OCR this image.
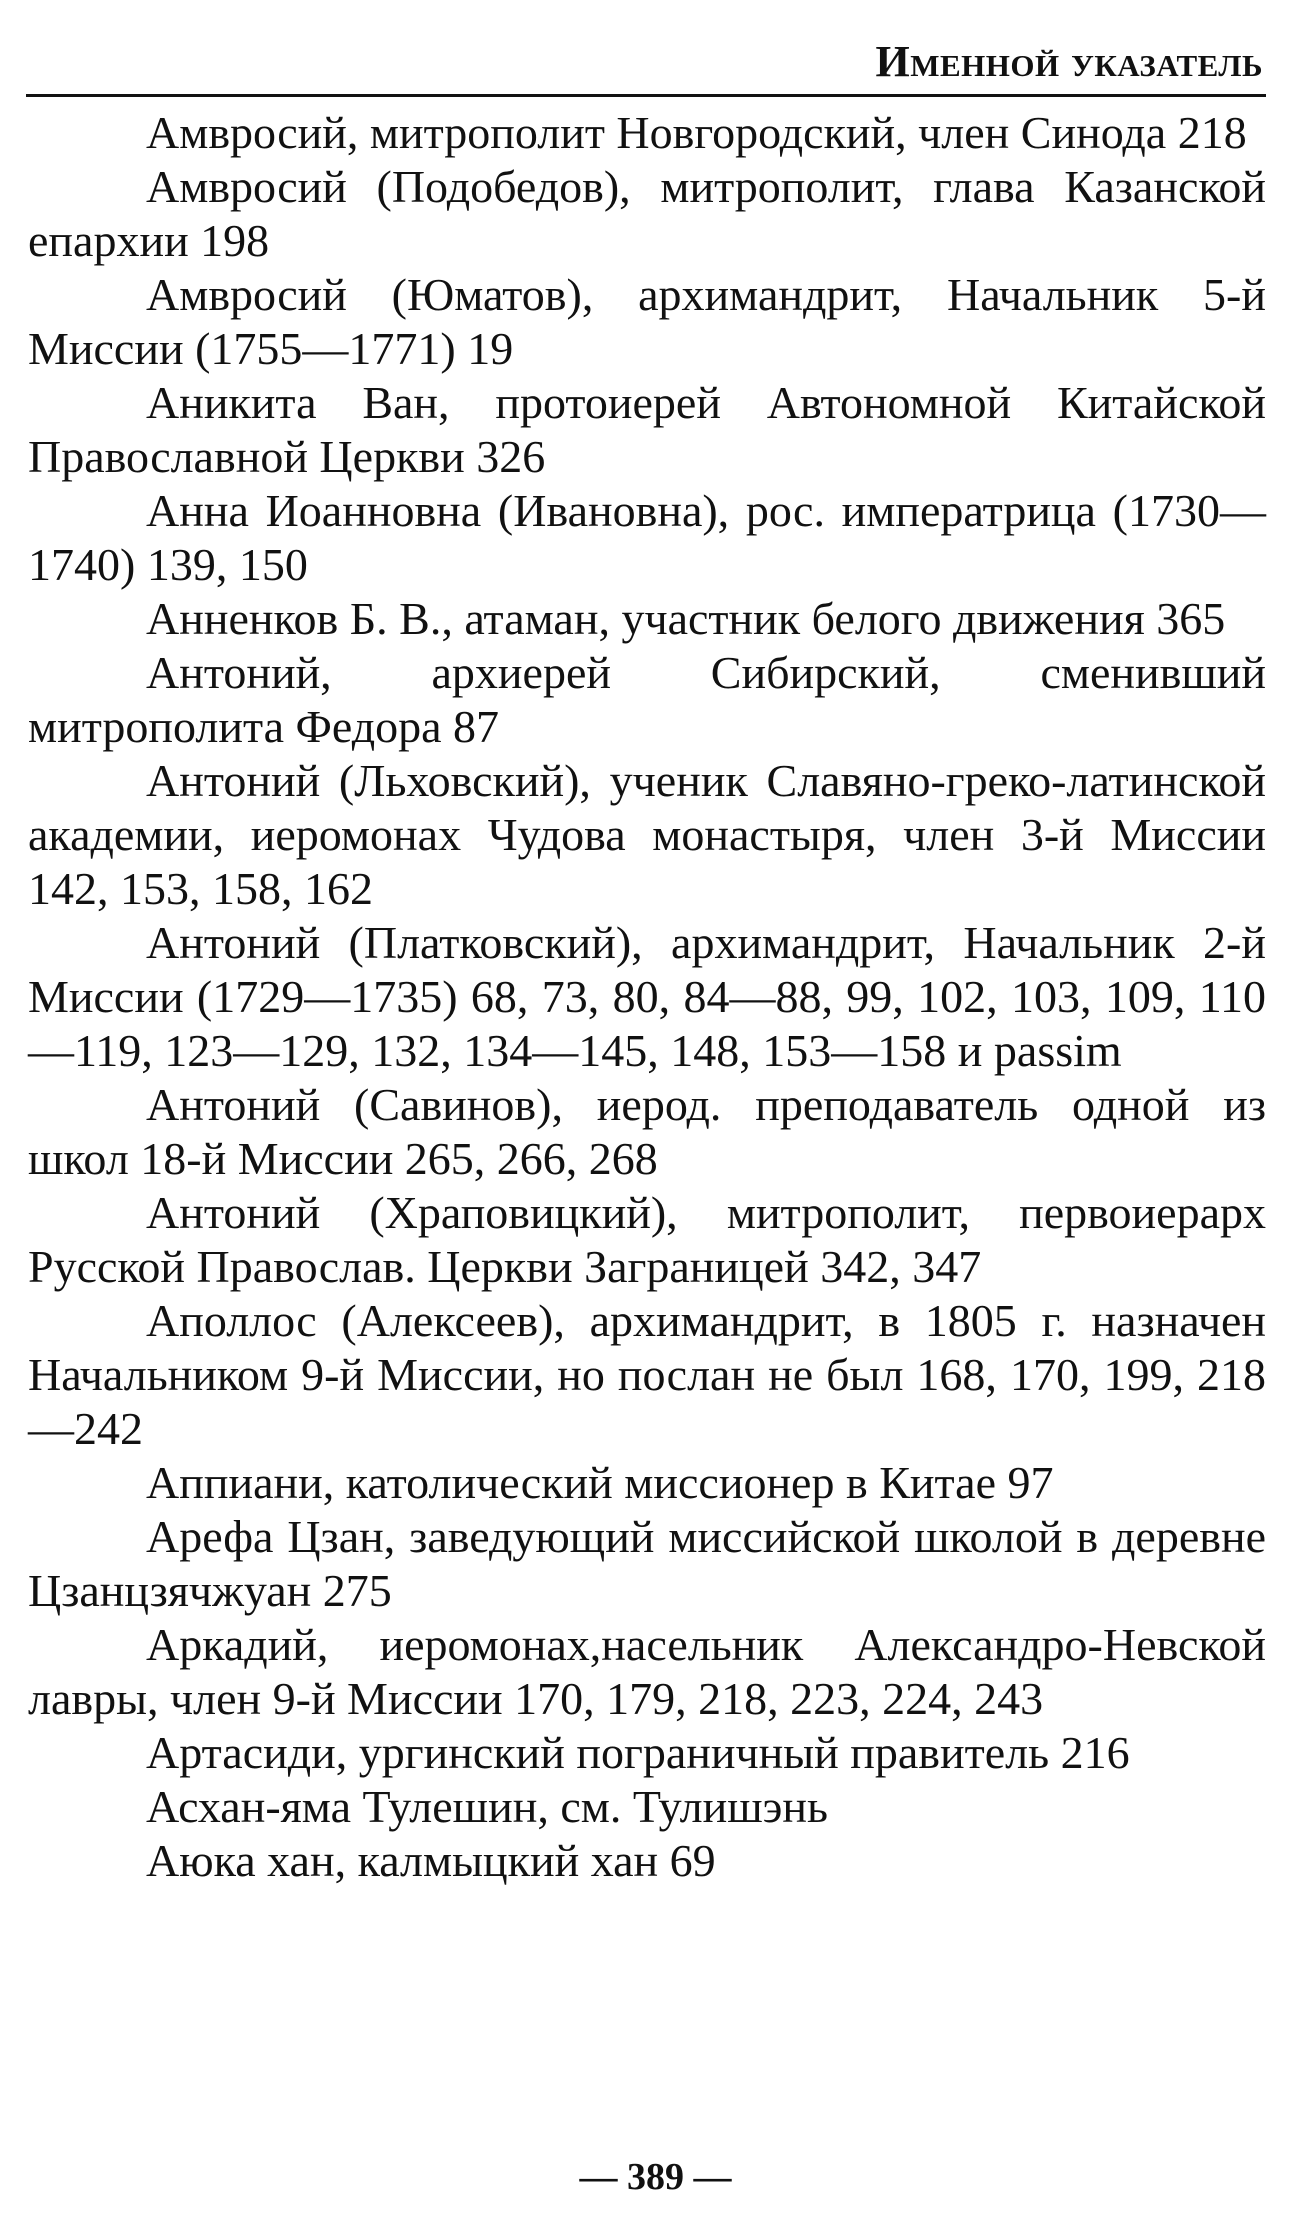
Именной указатель
Амвросий, митрополит Новгородский, член Синода 218
Амвросий (Подобедов), митрополит, глава Казанской епархии 198
Амвросий (Юматов), архимандрит, Начальник 5-й Миссии (1755—1771) 19
Аникита Ван, протоиерей Автономной Китайской Православной Церкви 326
Анна Иоанновна (Ивановна), рос. императрица (1730—1740) 139, 150
Анненков Б. В., атаман, участник белого движения 365
Антоний, архиерей Сибирский, сменивший митрополита Федора 87
Антоний (Льховский), ученик Славяно-греко-латинской академии, иеромонах Чудова монастыря, член 3-й Миссии 142, 153, 158, 162
Антоний (Платковский), архимандрит, Начальник 2-й Миссии (1729—1735) 68, 73, 80, 84—88, 99, 102, 103, 109, 110—119, 123—129, 132, 134—145, 148, 153—158 и passim
Антоний (Савинов), иерод. преподаватель одной из школ 18-й Миссии 265, 266, 268
Антоний (Храповицкий), митрополит, первоиерарх Русской Православ. Церкви Заграницей 342, 347
Аполлос (Алексеев), архимандрит, в 1805 г. назначен Начальником 9-й Миссии, но послан не был 168, 170, 199, 218—242
Аппиани, католический миссионер в Китае 97
Арефа Цзан, заведующий миссийской школой в деревне Цзанцзячжуан 275
Аркадий, иеромонах,насельник Александро-Невской лавры, член 9-й Миссии 170, 179, 218, 223, 224, 243
Артасиди, ургинский пограничный правитель 216
Асхан-яма Тулешин, см. Тулишэнь
Аюка хан, калмыцкий хан 69
— 389 —
